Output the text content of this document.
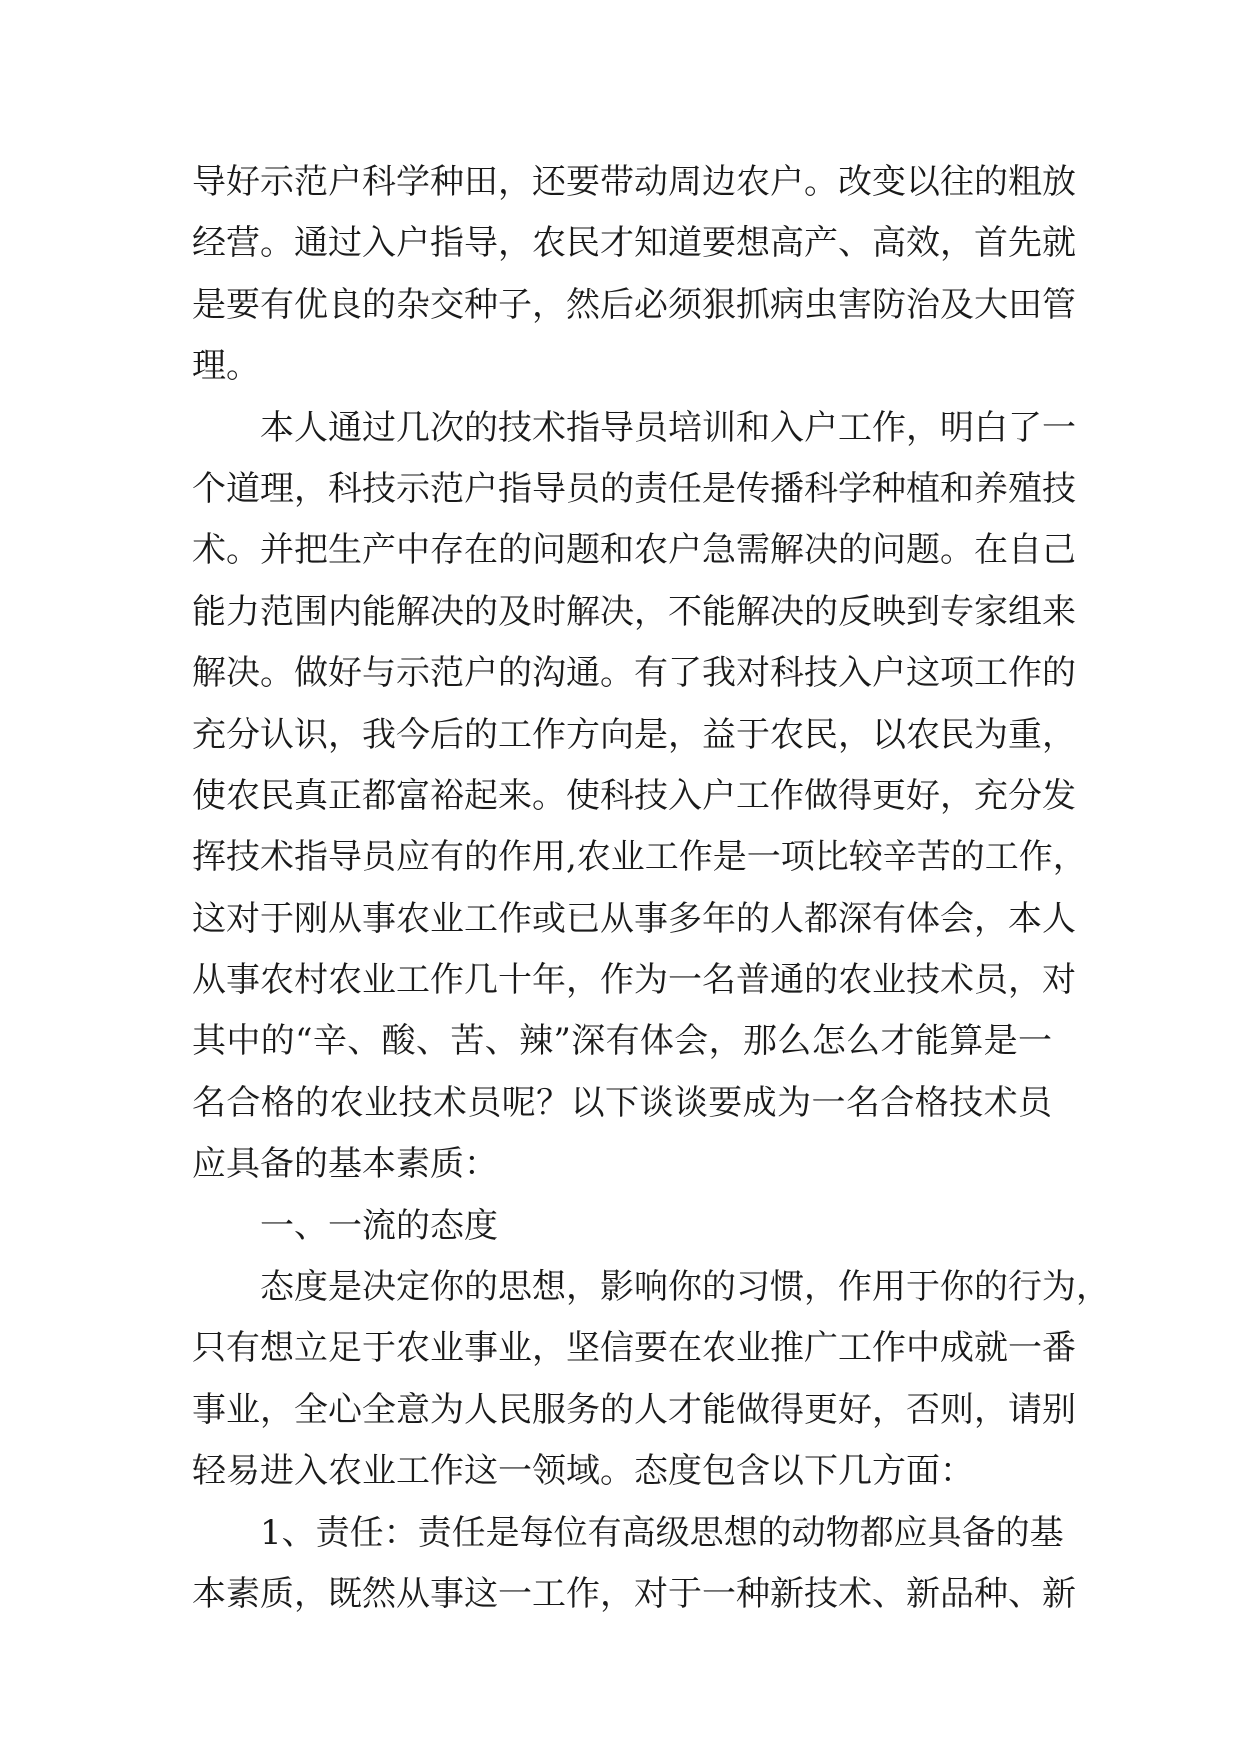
导好示范户科学种田，还要带动周边农户。改变以往的粗放
经营。通过入户指导，农民才知道要想高产、高效，首先就
是要有优良的杂交种子，然后必须狠抓病虫害防治及大田管
理。
本人通过几次的技术指导员培训和入户工作，明白了一
个道理，科技示范户指导员的责任是传播科学种植和养殖技
术。并把生产中存在的问题和农户急需解决的问题。在自己
能力范围内能解决的及时解决，不能解决的反映到专家组来
解决。做好与示范户的沟通。有了我对科技入户这项工作的
充分认识，我今后的工作方向是，益于农民，以农民为重，
使农民真正都富裕起来。使科技入户工作做得更好，充分发
挥技术指导员应有的作用,农业工作是一项比较辛苦的工作，
这对于刚从事农业工作或已从事多年的人都深有体会，本人
从事农村农业工作几十年，作为一名普通的农业技术员，对
其中的“辛、酸、苦、辣”深有体会，那么怎么才能算是一
名合格的农业技术员呢？以下谈谈要成为一名合格技术员
应具备的基本素质：
一、一流的态度
态度是决定你的思想，影响你的习惯，作用于你的行为，
只有想立足于农业事业，坚信要在农业推广工作中成就一番
事业，全心全意为人民服务的人才能做得更好，否则，请别
轻易进入农业工作这一领域。态度包含以下几方面：
1、责任：责任是每位有高级思想的动物都应具备的基
本素质，既然从事这一工作，对于一种新技术、新品种、新
